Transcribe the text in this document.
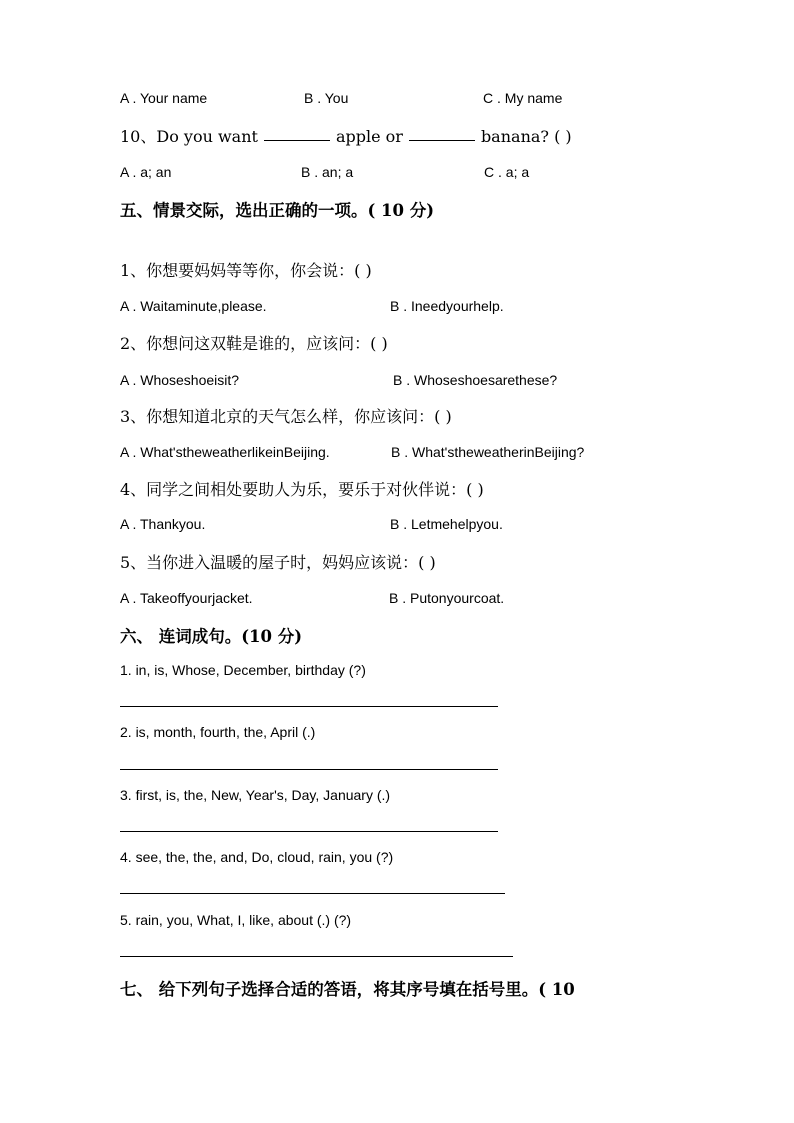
A . Your name	B . You	C . My name
10、Do you want	apple or	banana? ( )
A . a; an	B . an; a	C . a; a
五、情景交际，选出正确的一项。( 10 分)
1、你想要妈妈等等你，你会说：( )
A . Waitaminute,please.	B . Ineedyourhelp.
2、你想问这双鞋是谁的，应该问：( )
A . Whoseshoeisit?	B . Whoseshoesarethese?
3、你想知道北京的天气怎么样，你应该问：( )
A . What'stheweatherlikeinBeijing.	B . What'stheweatherinBeijing?
4、同学之间相处要助人为乐，要乐于对伙伴说：( )
A . Thankyou.	B . Letmehelpyou.
5、当你进入温暖的屋子时，妈妈应该说：( )
A . Takeoffyourjacket.	B . Putonyourcoat.
六、 连词成句。(10 分)
1. in, is, Whose, December, birthday (?)
2. is, month, fourth, the, April (.)
3. first, is, the, New, Year's, Day, January (.)
4. see, the, the, and, Do, cloud, rain, you (?)
5. rain, you, What, I, like, about (.) (?)
七、 给下列句子选择合适的答语，将其序号填在括号里。( 10
